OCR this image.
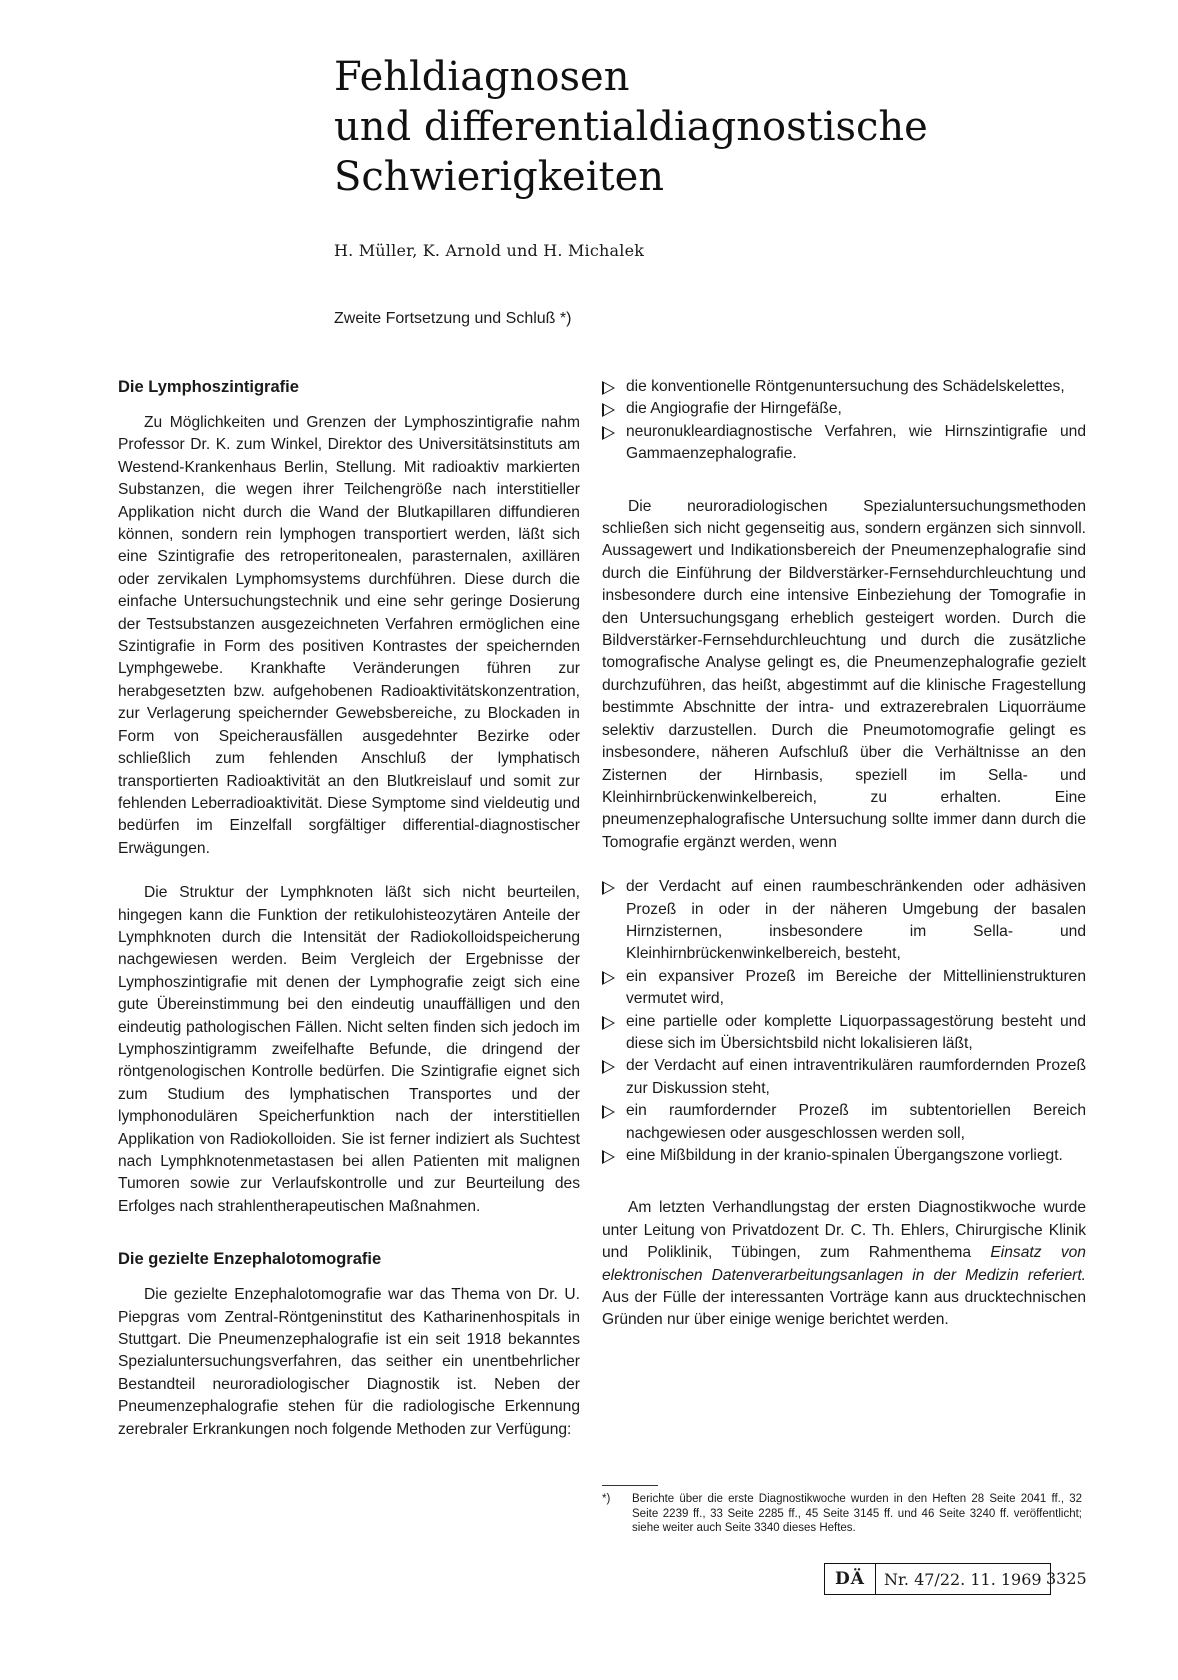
Fehldiagnosen
und differentialdiagnostische
Schwierigkeiten
H. Müller, K. Arnold und H. Michalek
Zweite Fortsetzung und Schluß *)
Die Lymphoszintigrafie

Zu Möglichkeiten und Grenzen der Lymphoszintigrafie nahm Professor Dr. K. zum Winkel, Direktor des Universitätsinstituts am Westend-Krankenhaus Berlin, Stellung. Mit radioaktiv markierten Substanzen, die wegen ihrer Teilchengröße nach interstitieller Applikation nicht durch die Wand der Blutkapillaren diffundieren können, sondern rein lymphogen transportiert werden, läßt sich eine Szintigrafie des retroperitonealen, parasternalen, axillären oder zervikalen Lymphomsystems durchführen. Diese durch die einfache Untersuchungstechnik und eine sehr geringe Dosierung der Testsubstanzen ausgezeichneten Verfahren ermöglichen eine Szintigrafie in Form des positiven Kontrastes der speichernden Lymphgewebe. Krankhafte Veränderungen führen zur herabgesetzten bzw. aufgehobenen Radioaktivitätskonzentration, zur Verlagerung speichernder Gewebsbereiche, zu Blockaden in Form von Speicherausfällen ausgedehnter Bezirke oder schließlich zum fehlenden Anschluß der lymphatisch transportierten Radioaktivität an den Blutkreislauf und somit zur fehlenden Leberradioaktivität. Diese Symptome sind vieldeutig und bedürfen im Einzelfall sorgfältiger differential-diagnostischer Erwägungen.

Die Struktur der Lymphknoten läßt sich nicht beurteilen, hingegen kann die Funktion der retikulohisteozytären Anteile der Lymphknoten durch die Intensität der Radiokolloidspeicherung nachgewiesen werden. Beim Vergleich der Ergebnisse der Lymphoszintigrafie mit denen der Lymphografie zeigt sich eine gute Übereinstimmung bei den eindeutig unauffälligen und den eindeutig pathologischen Fällen. Nicht selten finden sich jedoch im Lymphoszintigramm zweifelhafte Befunde, die dringend der röntgenologischen Kontrolle bedürfen. Die Szintigrafie eignet sich zum Studium des lymphatischen Transportes und der lymphonodulären Speicherfunktion nach der interstitiellen Applikation von Radiokolloiden. Sie ist ferner indiziert als Suchtest nach Lymphknotenmetastasen bei allen Patienten mit malignen Tumoren sowie zur Verlaufskontrolle und zur Beurteilung des Erfolges nach strahlentherapeutischen Maßnahmen.

Die gezielte Enzephalotomografie

Die gezielte Enzephalotomografie war das Thema von Dr. U. Piepgras vom Zentral-Röntgeninstitut des Katharinenhospitals in Stuttgart. Die Pneumenzephalografie ist ein seit 1918 bekanntes Spezialuntersuchungsverfahren, das seither ein unentbehrlicher Bestandteil neuroradiologischer Diagnostik ist. Neben der Pneumenzephalografie stehen für die radiologische Erkennung zerebraler Erkrankungen noch folgende Methoden zur Verfügung:

die konventionelle Röntgenuntersuchung des Schädelskelettes,
die Angiografie der Hirngefäße,
neuronukleardiagnostische Verfahren, wie Hirnszintigrafie und Gammaenzephalografie.

Die neuroradiologischen Spezialuntersuchungsmethoden schließen sich nicht gegenseitig aus, sondern ergänzen sich sinnvoll. Aussagewert und Indikationsbereich der Pneumenzephalografie sind durch die Einführung der Bildverstärker-Fernsehdurchleuchtung und insbesondere durch eine intensive Einbeziehung der Tomografie in den Untersuchungsgang erheblich gesteigert worden. Durch die Bildverstärker-Fernsehdurchleuchtung und durch die zusätzliche tomografische Analyse gelingt es, die Pneumenzephalografie gezielt durchzuführen, das heißt, abgestimmt auf die klinische Fragestellung bestimmte Abschnitte der intra- und extrazerebralen Liquorräume selektiv darzustellen. Durch die Pneumotomografie gelingt es insbesondere, näheren Aufschluß über die Verhältnisse an den Zisternen der Hirnbasis, speziell im Sella- und Kleinhirnbrückenwinkelbereich, zu erhalten. Eine pneumenzephalografische Untersuchung sollte immer dann durch die Tomografie ergänzt werden, wenn

der Verdacht auf einen raumbeschränkenden oder adhäsiven Prozeß in oder in der näheren Umgebung der basalen Hirnzisternen, insbesondere im Sella- und Kleinhirnbrückenwinkelbereich, besteht,
ein expansiver Prozeß im Bereiche der Mittellinienstrukturen vermutet wird,
eine partielle oder komplette Liquorpassagestörung besteht und diese sich im Übersichtsbild nicht lokalisieren läßt,
der Verdacht auf einen intraventrikulären raumfordernden Prozeß zur Diskussion steht,
ein raumfordernder Prozeß im subtentoriellen Bereich nachgewiesen oder ausgeschlossen werden soll,
eine Mißbildung in der kranio-spinalen Übergangszone vorliegt.

Am letzten Verhandlungstag der ersten Diagnostikwoche wurde unter Leitung von Privatdozent Dr. C. Th. Ehlers, Chirurgische Klinik und Poliklinik, Tübingen, zum Rahmenthema Einsatz von elektronischen Datenverarbeitungsanlagen in der Medizin referiert. Aus der Fülle der interessanten Vorträge kann aus drucktechnischen Gründen nur über einige wenige berichtet werden.

*)	Berichte über die erste Diagnostikwoche wurden in den Heften 28 Seite 2041 ff., 32 Seite 2239 ff., 33 Seite 2285 ff., 45 Seite 3145 ff. und 46 Seite 3240 ff. veröffentlicht; siehe weiter auch Seite 3340 dieses Heftes.
DÄ	Nr. 47/22. 11. 1969 3325
